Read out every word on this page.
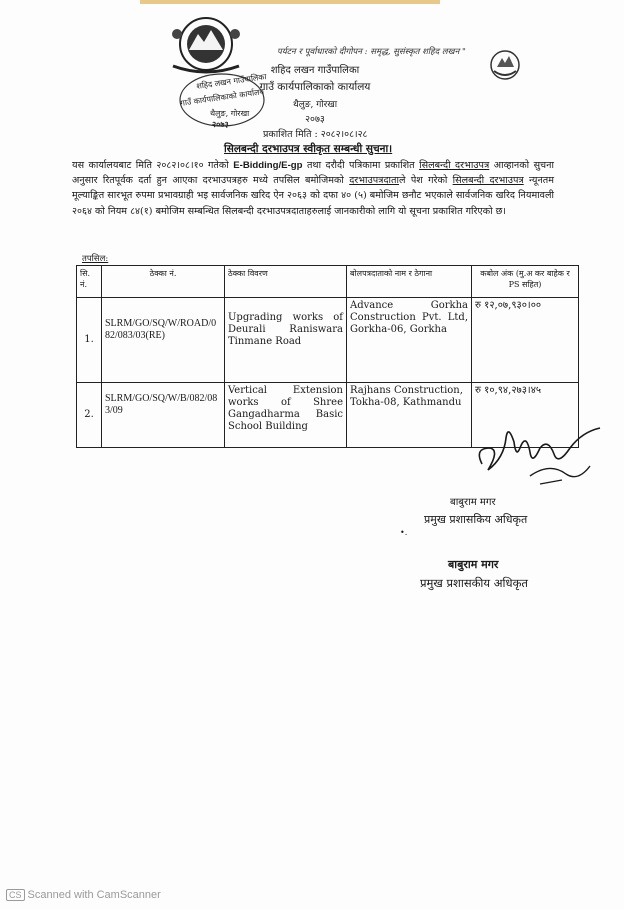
पर्यटन र पूर्वाधारको दीगोपन : समृद्ध, सुसंस्कृत शहिद लखन "
शहिद लखन गाउँपालिका
गाउँ कार्यपालिकाको कार्यालय
थैलुङ, गोरखा
२०७३
शहिद लखन गाउँपालिका
गाउँ कार्यपालिकाको कार्यालय
थैलुङ, गोरखा
२०७३
प्रकाशित मिति : २०८२।०८।२८
सिलबन्दी दरभाउपत्र स्वीकृत सम्बन्धी सुचना।
यस कार्यालयबाट मिति २०८२।०८।१० गतेको E-Bidding/E-gp तथा दरौदी पत्रिकामा प्रकाशित सिलबन्दी दरभाउपत्र आव्हानको सुचना अनुसार रितपूर्वक दर्ता हुन आएका दरभाउपत्रहरु मध्ये तपसिल बमोजिमको दरभाउपत्रदाताले पेश गरेको सिलबन्दी दरभाउपत्र न्यूनतम मूल्याङ्कित सारभूत रुपमा प्रभावग्राही भइ सार्वजनिक खरिद ऐन २०६३ को दफा ४० (५) बमोजिम छनौट भएकाले सार्वजनिक खरिद नियमावली २०६४ को नियम ८४(१) बमोजिम सम्बन्धित सिलबन्दी दरभाउपत्रदाताहरुलाई जानकारीको लागि यो सूचना प्रकाशित गरिएको छ।
तपसिल:
सि. नं.	ठेक्का नं.	ठेक्का विवरण	बोलपत्रदाताको नाम र ठेगाना	कबोल अंक (मु.अ कर बाहेक र PS सहित)
1.	SLRM/GO/SQ/W/ROAD/082/083/03(RE)	Upgrading works of Deurali Raniswara Tinmane Road	Advance Gorkha Construction Pvt. Ltd, Gorkha-06, Gorkha	रु १२,०७,९३०।००
2.	SLRM/GO/SQ/W/B/082/083/09	Vertical Extension works of Shree Gangadharma Basic School Building	Rajhans Construction, Tokha-08, Kathmandu	रु १०,९४,२७३।४५
बाबुराम मगर
प्रमुख प्रशासकिय अधिकृत
•.
बाबुराम मगर
प्रमुख प्रशासकीय अधिकृत
CS Scanned with CamScanner
